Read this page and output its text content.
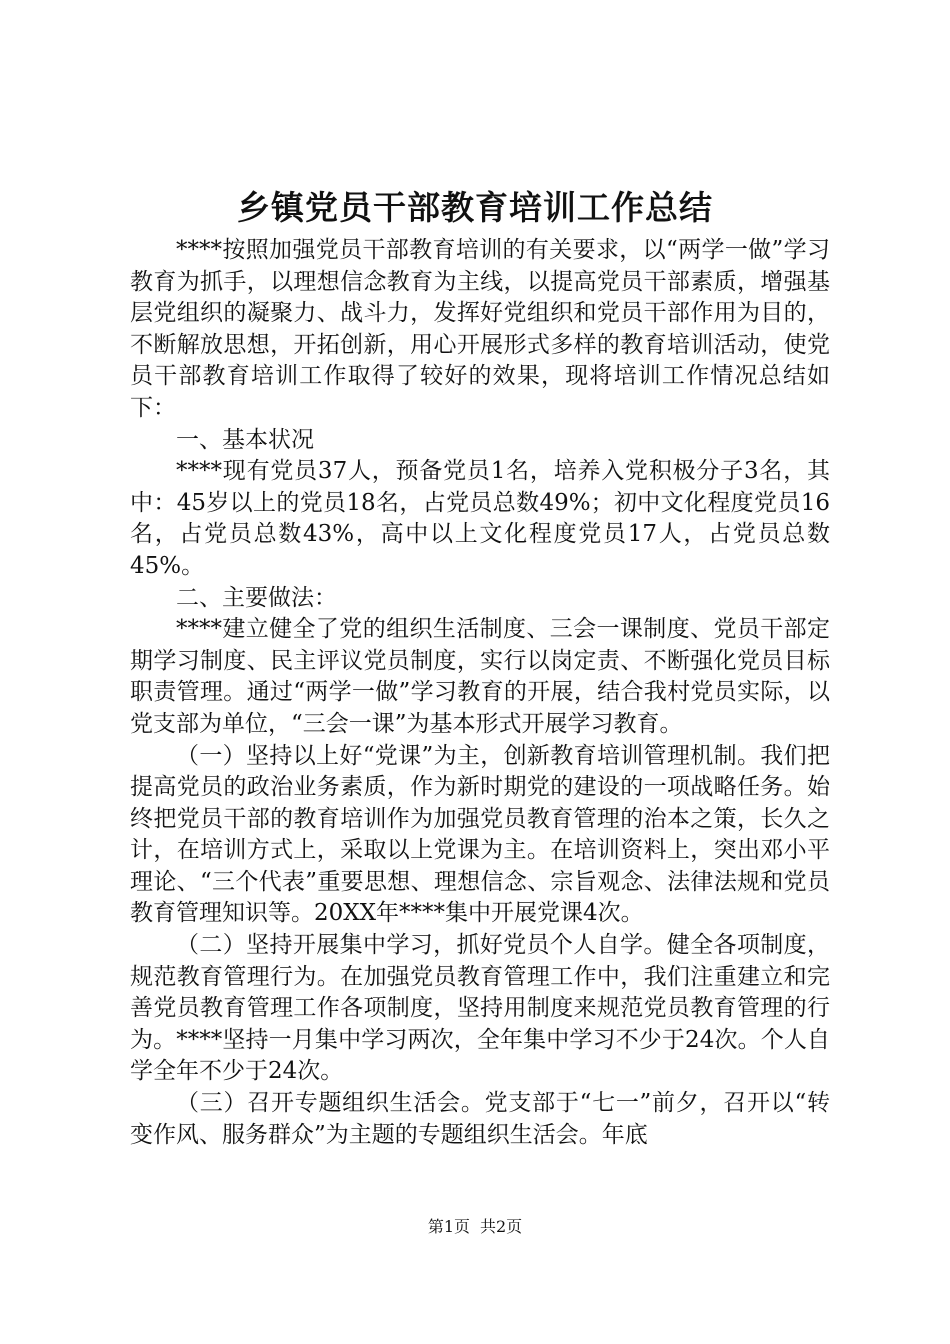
乡镇党员干部教育培训工作总结

****按照加强党员干部教育培训的有关要求，以“两学一做”学习教育为抓手，以理想信念教育为主线，以提高党员干部素质，增强基层党组织的凝聚力、战斗力，发挥好党组织和党员干部作用为目的，不断解放思想，开拓创新，用心开展形式多样的教育培训活动，使党员干部教育培训工作取得了较好的效果，现将培训工作情况总结如下：

一、基本状况

****现有党员37人，预备党员1名，培养入党积极分子3名，其中：45岁以上的党员18名，占党员总数49%；初中文化程度党员16名，占党员总数43%，高中以上文化程度党员17人，占党员总数45%。

二、主要做法：

****建立健全了党的组织生活制度、三会一课制度、党员干部定期学习制度、民主评议党员制度，实行以岗定责、不断强化党员目标职责管理。通过“两学一做”学习教育的开展，结合我村党员实际，以党支部为单位，“三会一课”为基本形式开展学习教育。

（一）坚持以上好“党课”为主，创新教育培训管理机制。我们把提高党员的政治业务素质，作为新时期党的建设的一项战略任务。始终把党员干部的教育培训作为加强党员教育管理的治本之策，长久之计，在培训方式上，采取以上党课为主。在培训资料上，突出邓小平理论、“三个代表”重要思想、理想信念、宗旨观念、法律法规和党员教育管理知识等。20XX年****集中开展党课4次。

（二）坚持开展集中学习，抓好党员个人自学。健全各项制度，规范教育管理行为。在加强党员教育管理工作中，我们注重建立和完善党员教育管理工作各项制度，坚持用制度来规范党员教育管理的行为。****坚持一月集中学习两次，全年集中学习不少于24次。个人自学全年不少于24次。

（三）召开专题组织生活会。党支部于“七一”前夕，召开以“转变作风、服务群众”为主题的专题组织生活会。年底

第1页 共2页
